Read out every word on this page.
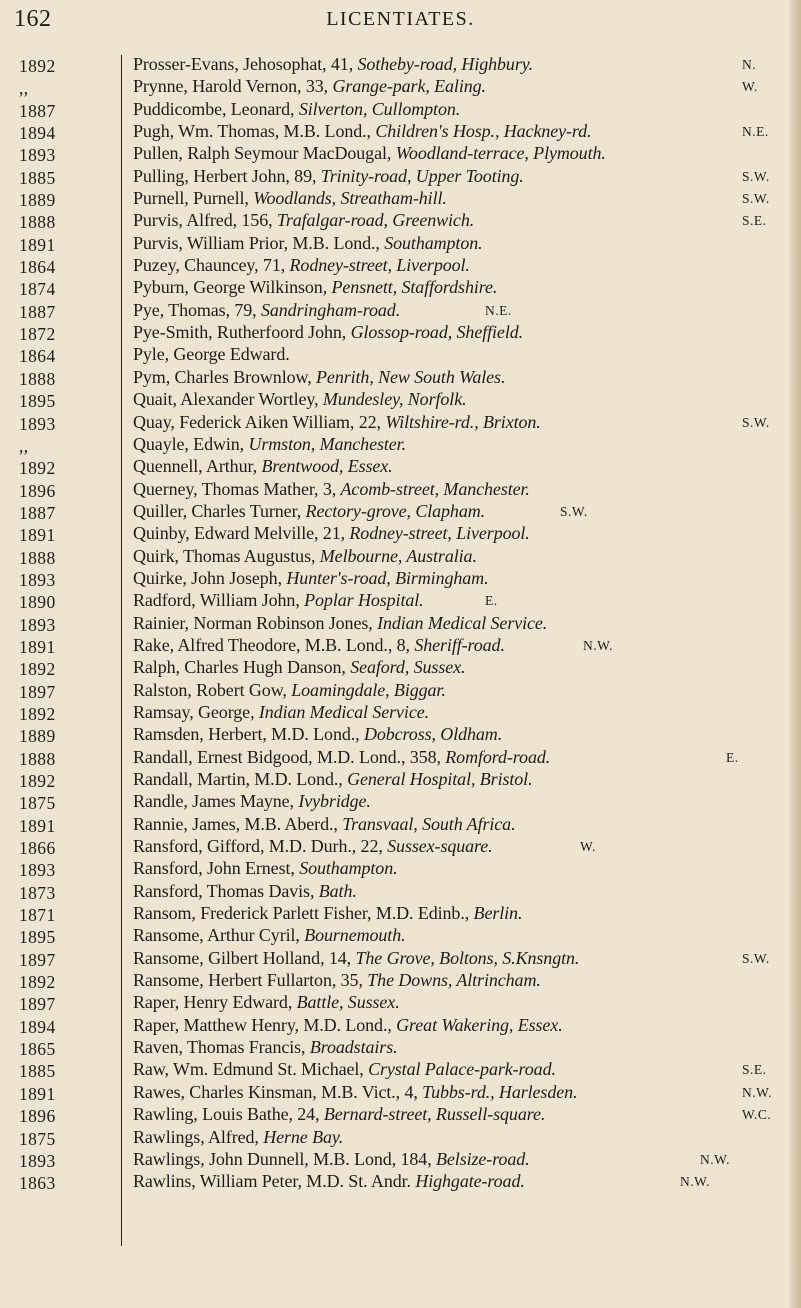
162	LICENTIATES.
1892	Prosser-Evans, Jehosophat, 41, Sotheby-road, Highbury.	N.
,,	Prynne, Harold Vernon, 33, Grange-park, Ealing.	W.
1887	Puddicombe, Leonard, Silverton, Cullompton.
1894	Pugh, Wm. Thomas, M.B. Lond., Children's Hosp., Hackney-rd.	N.E.
1893	Pullen, Ralph Seymour MacDougal, Woodland-terrace, Plymouth.
1885	Pulling, Herbert John, 89, Trinity-road, Upper Tooting.	S.W.
1889	Purnell, Purnell, Woodlands, Streatham-hill.	S.W.
1888	Purvis, Alfred, 156, Trafalgar-road, Greenwich.	S.E.
1891	Purvis, William Prior, M.B. Lond., Southampton.
1864	Puzey, Chauncey, 71, Rodney-street, Liverpool.
1874	Pyburn, George Wilkinson, Pensnett, Staffordshire.
1887	Pye, Thomas, 79, Sandringham-road.	N.E.
1872	Pye-Smith, Rutherfoord John, Glossop-road, Sheffield.
1864	Pyle, George Edward.
1888	Pym, Charles Brownlow, Penrith, New South Wales.
1895	Quait, Alexander Wortley, Mundesley, Norfolk.
1893	Quay, Federick Aiken William, 22, Wiltshire-rd., Brixton.	S.W.
,,	Quayle, Edwin, Urmston, Manchester.
1892	Quennell, Arthur, Brentwood, Essex.
1896	Querney, Thomas Mather, 3, Acomb-street, Manchester.
1887	Quiller, Charles Turner, Rectory-grove, Clapham.	S.W.
1891	Quinby, Edward Melville, 21, Rodney-street, Liverpool.
1888	Quirk, Thomas Augustus, Melbourne, Australia.
1893	Quirke, John Joseph, Hunter's-road, Birmingham.
1890	Radford, William John, Poplar Hospital.	E.
1893	Rainier, Norman Robinson Jones, Indian Medical Service.
1891	Rake, Alfred Theodore, M.B. Lond., 8, Sheriff-road.	N.W.
1892	Ralph, Charles Hugh Danson, Seaford, Sussex.
1897	Ralston, Robert Gow, Loamingdale, Biggar.
1892	Ramsay, George, Indian Medical Service.
1889	Ramsden, Herbert, M.D. Lond., Dobcross, Oldham.
1888	Randall, Ernest Bidgood, M.D. Lond., 358, Romford-road.	E.
1892	Randall, Martin, M.D. Lond., General Hospital, Bristol.
1875	Randle, James Mayne, Ivybridge.
1891	Rannie, James, M.B. Aberd., Transvaal, South Africa.
1866	Ransford, Gifford, M.D. Durh., 22, Sussex-square.	W.
1893	Ransford, John Ernest, Southampton.
1873	Ransford, Thomas Davis, Bath.
1871	Ransom, Frederick Parlett Fisher, M.D. Edinb., Berlin.
1895	Ransome, Arthur Cyril, Bournemouth.
1897	Ransome, Gilbert Holland, 14, The Grove, Boltons, S.Knsngtn.	S.W.
1892	Ransome, Herbert Fullarton, 35, The Downs, Altrincham.
1897	Raper, Henry Edward, Battle, Sussex.
1894	Raper, Matthew Henry, M.D. Lond., Great Wakering, Essex.
1865	Raven, Thomas Francis, Broadstairs.
1885	Raw, Wm. Edmund St. Michael, Crystal Palace-park-road.	S.E.
1891	Rawes, Charles Kinsman, M.B. Vict., 4, Tubbs-rd., Harlesden.	N.W.
1896	Rawling, Louis Bathe, 24, Bernard-street, Russell-square.	W.C.
1875	Rawlings, Alfred, Herne Bay.
1893	Rawlings, John Dunnell, M.B. Lond, 184, Belsize-road.	N.W.
1863	Rawlins, William Peter, M.D. St. Andr. Highgate-road.	N.W.
